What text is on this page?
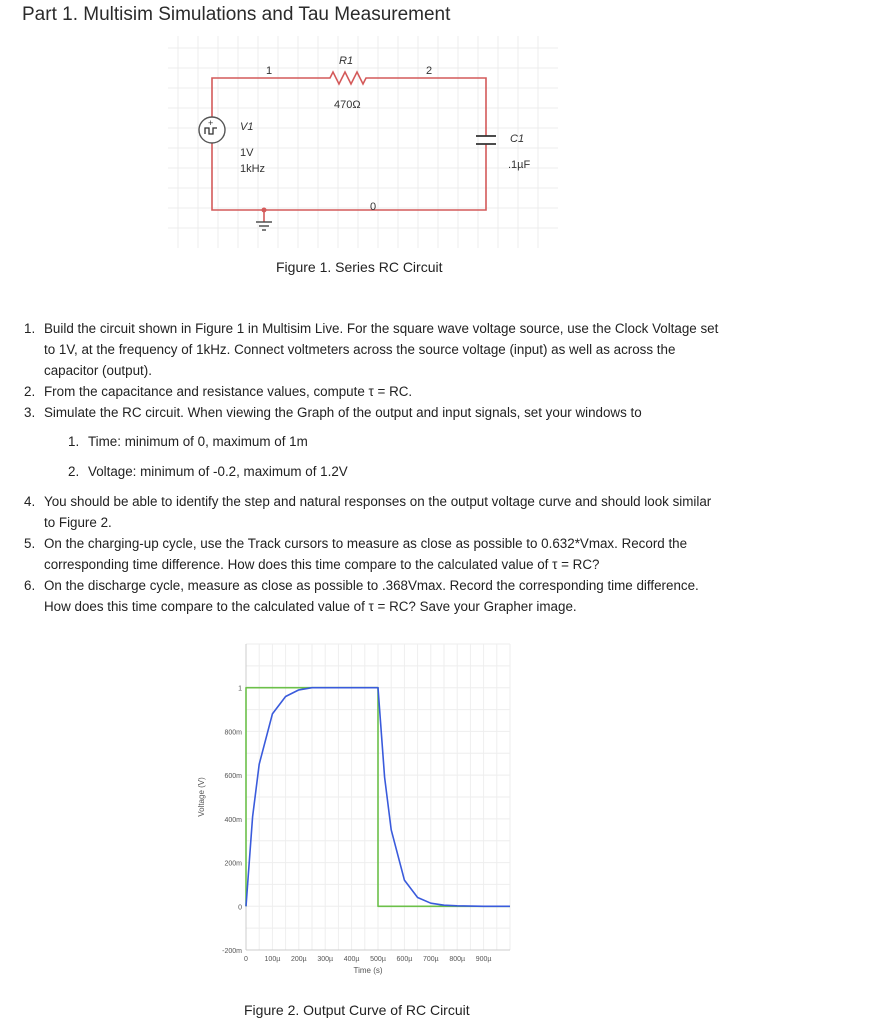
Part 1. Multisim Simulations and Tau Measurement
+
1	2
0
R1
470Ω
C1
.1µF
V1
1V
1kHz
Figure 1. Series RC Circuit
1. Build the circuit shown in Figure 1 in Multisim Live. For the square wave voltage source, use the Clock Voltage set to 1V, at the frequency of 1kHz. Connect voltmeters across the source voltage (input) as well as across the capacitor (output).
2. From the capacitance and resistance values, compute τ = RC.
3. Simulate the RC circuit. When viewing the Graph of the output and input signals, set your windows to
1. Time: minimum of 0, maximum of 1m
2. Voltage: minimum of -0.2, maximum of 1.2V
4. You should be able to identify the step and natural responses on the output voltage curve and should look similar to Figure 2.
5. On the charging-up cycle, use the Track cursors to measure as close as possible to 0.632*Vmax. Record the corresponding time difference. How does this time compare to the calculated value of τ = RC?
6. On the discharge cycle, measure as close as possible to .368Vmax. Record the corresponding time difference. How does this time compare to the calculated value of τ = RC? Save your Grapher image.
-200m
0
200m
400m
600m
800m
1
0 100µ 200µ 300µ 400µ 500µ 600µ 700µ 800µ 900µ
Time (s)
Voltage (V)
Figure 2. Output Curve of RC Circuit
